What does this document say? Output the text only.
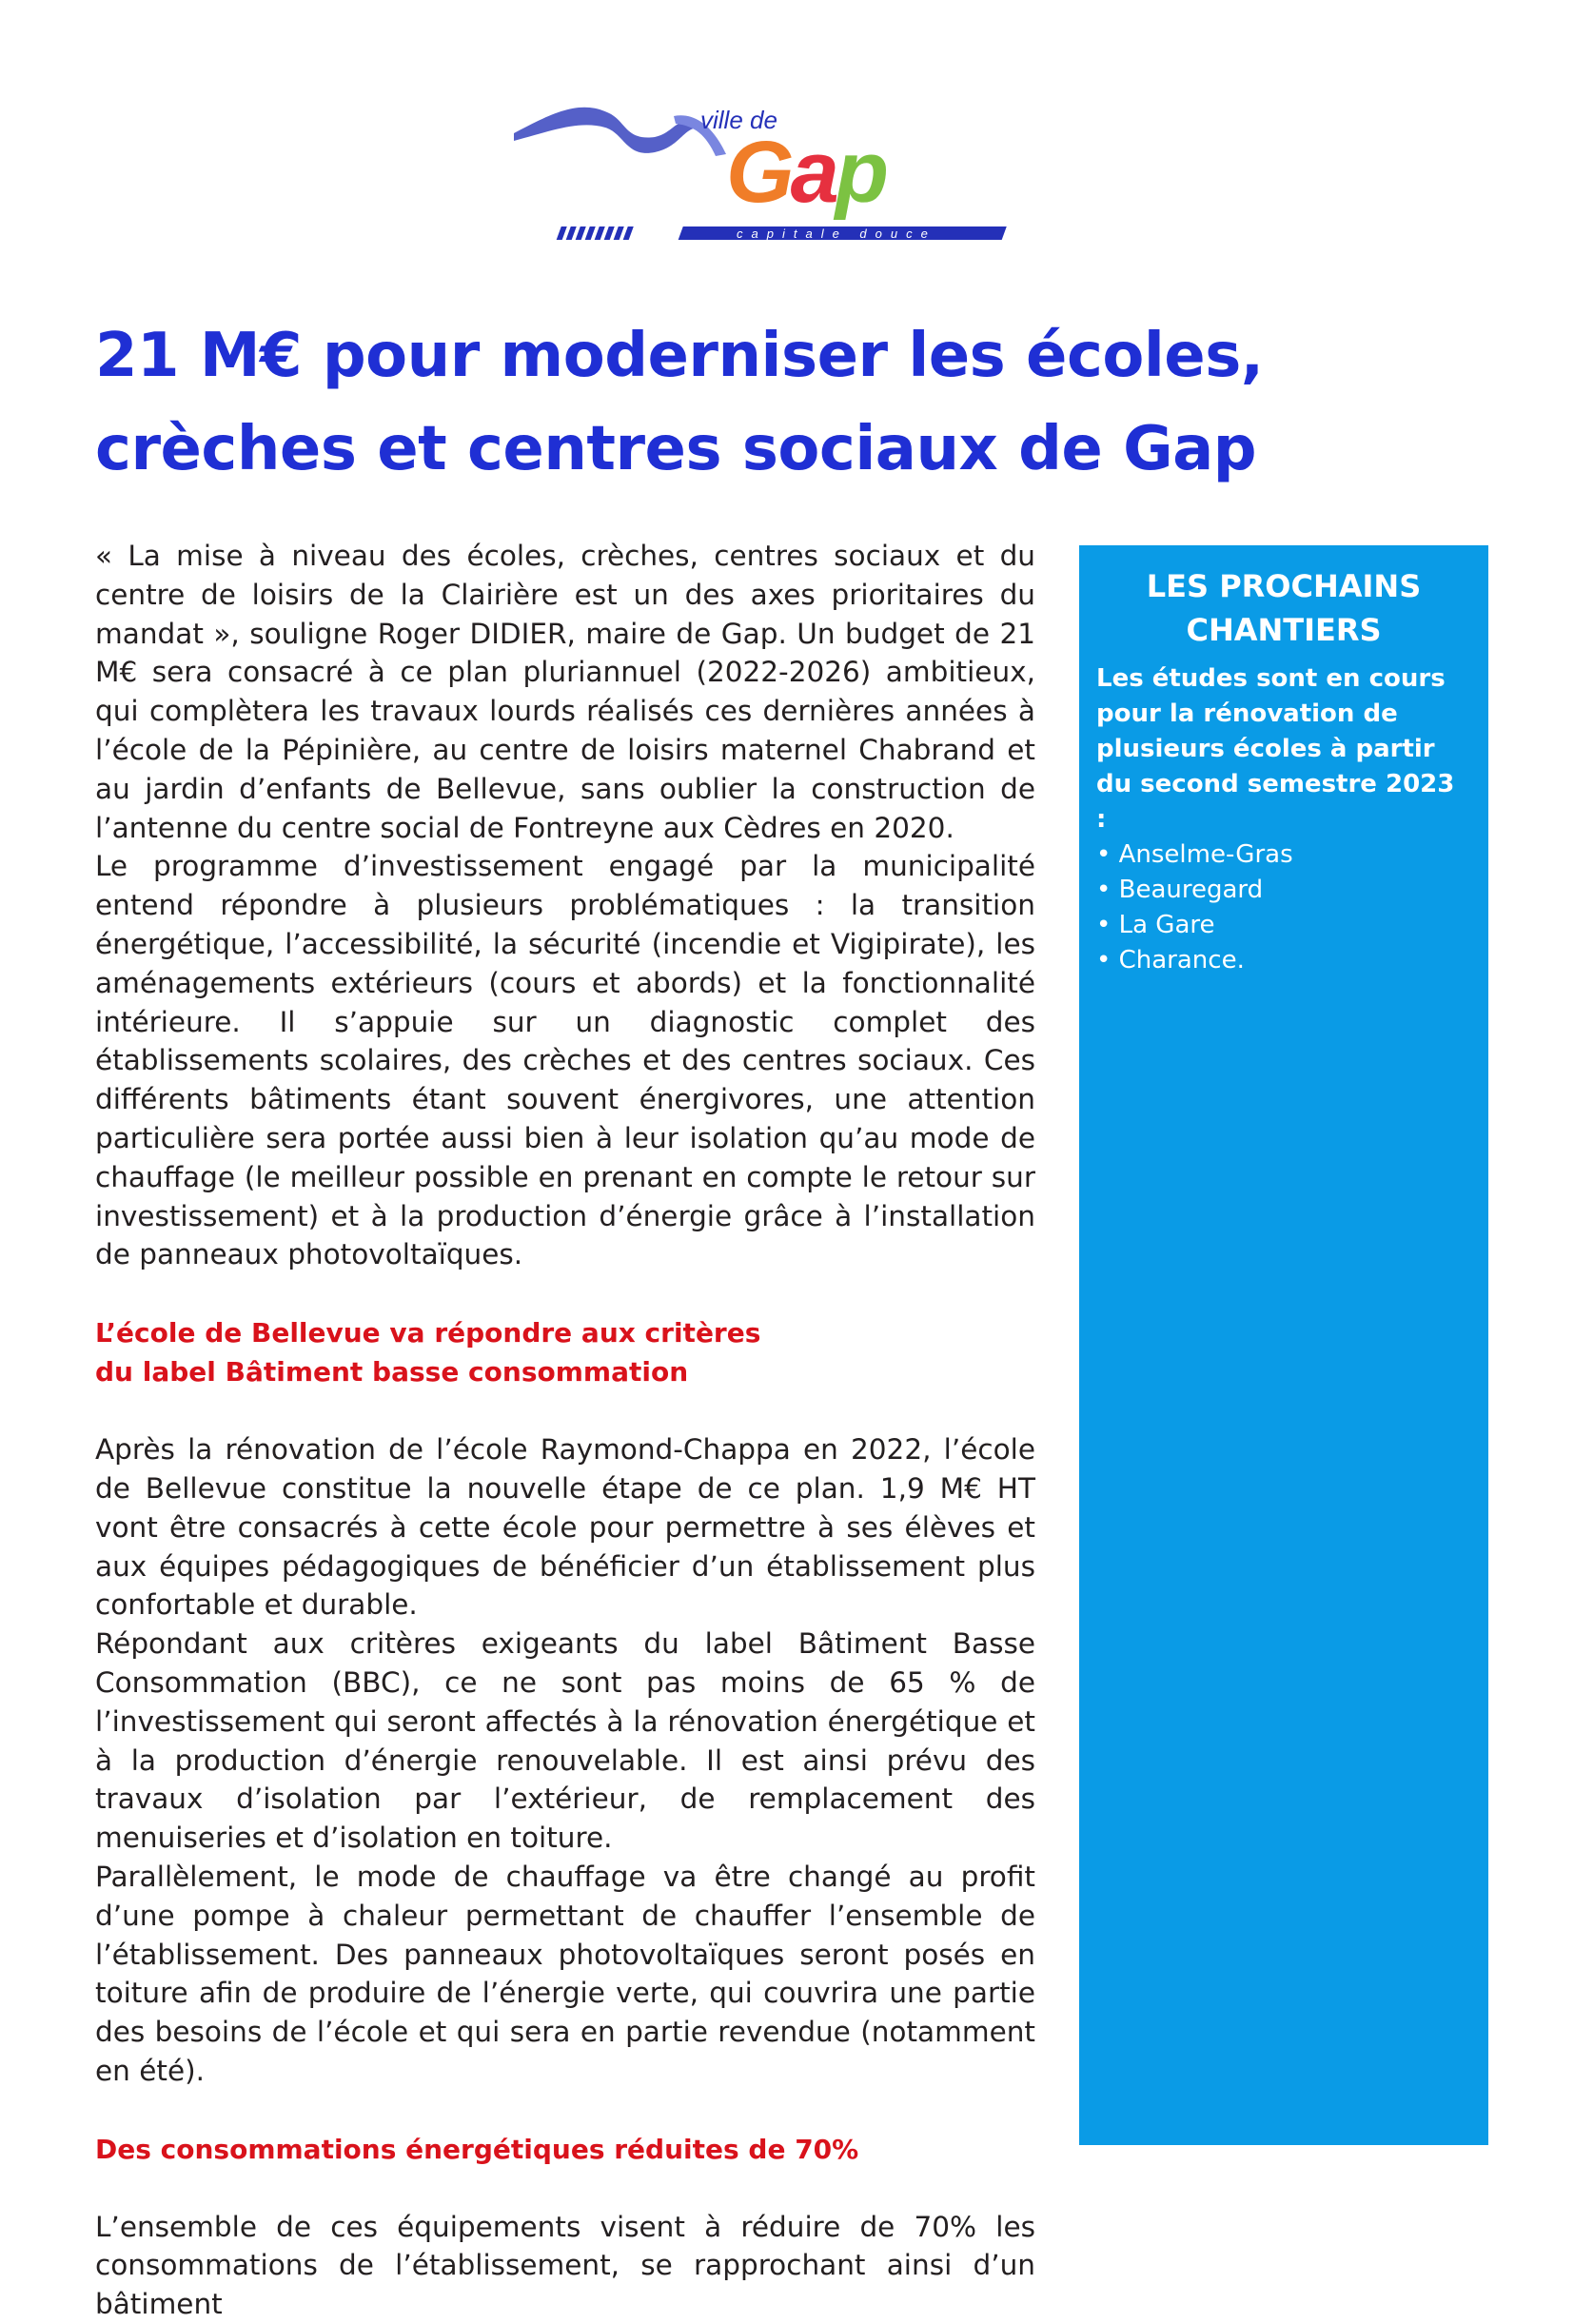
ville de
Gap
capitale douce
21 M€ pour moderniser les écoles,
crèches et centres sociaux de Gap

« La mise à niveau des écoles, crèches, centres sociaux et du centre de loisirs de la Clairière est un des axes prioritaires du mandat », souligne Roger DIDIER, maire de Gap. Un budget de 21 M€ sera consacré à ce plan pluriannuel (2022-2026) ambitieux, qui complètera les travaux lourds réalisés ces dernières années à l’école de la Pépinière, au centre de loisirs maternel Chabrand et au jardin d’enfants de Bellevue, sans oublier la construction de l’antenne du centre social de Fontreyne aux Cèdres en 2020.

Le programme d’investissement engagé par la municipalité entend répondre à plusieurs problématiques : la transition énergétique, l’accessibilité, la sécurité (incendie et Vigipirate), les aménagements extérieurs (cours et abords) et la fonctionnalité intérieure. Il s’appuie sur un diagnostic complet des établissements scolaires, des crèches et des centres sociaux. Ces différents bâtiments étant souvent énergivores, une attention particulière sera portée aussi bien à leur isolation qu’au mode de chauffage (le meilleur possible en prenant en compte le retour sur investissement) et à la production d’énergie grâce à l’installation de panneaux photovoltaïques.

L’école de Bellevue va répondre aux critères
du label Bâtiment basse consommation

Après la rénovation de l’école Raymond-Chappa en 2022, l’école de Bellevue constitue la nouvelle étape de ce plan. 1,9 M€ HT vont être consacrés à cette école pour permettre à ses élèves et aux équipes pédagogiques de bénéficier d’un établissement plus confortable et durable.

Répondant aux critères exigeants du label Bâtiment Basse Consommation (BBC), ce ne sont pas moins de 65 % de l’investissement qui seront affectés à la rénovation énergétique et à la production d’énergie renouvelable. Il est ainsi prévu des travaux d’isolation par l’extérieur, de remplacement des menuiseries et d’isolation en toiture.

Parallèlement, le mode de chauffage va être changé au profit d’une pompe à chaleur permettant de chauffer l’ensemble de l’établissement. Des panneaux photovoltaïques seront posés en toiture afin de produire de l’énergie verte, qui couvrira une partie des besoins de l’école et qui sera en partie revendue (notamment en été).

Des consommations énergétiques réduites de 70%

L’ensemble de ces équipements visent à réduire de 70% les consommations de l’établissement, se rapprochant ainsi d’un bâtiment

LES PROCHAINS
CHANTIERS

Les études sont en cours pour la rénovation de plusieurs écoles à partir du second semestre 2023 :

• Anselme-Gras
• Beauregard
• La Gare
• Charance.
